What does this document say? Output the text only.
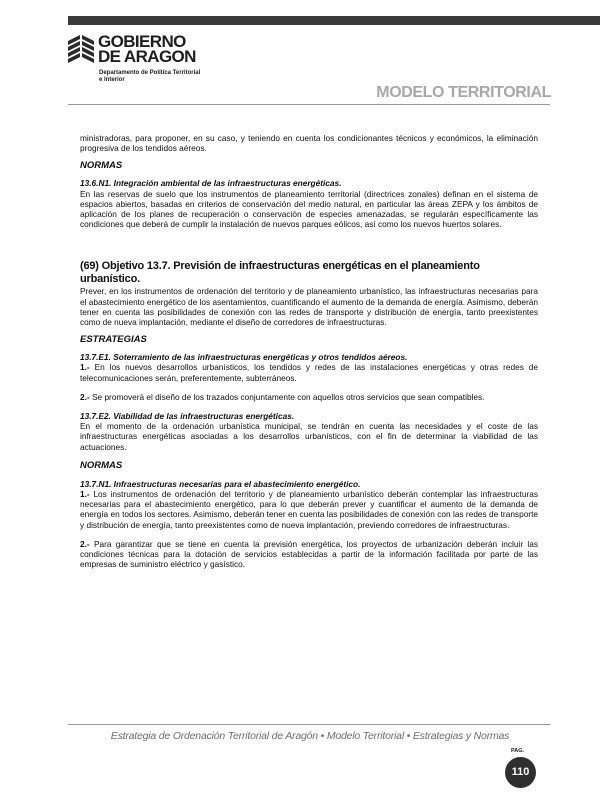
GOBIERNO
DE ARAGON
Departamento de Política Territorial
e Interior
MODELO TERRITORIAL

ministradoras, para proponer, en su caso, y teniendo en cuenta los condicionantes técnicos y económicos, la eliminación progresiva de los tendidos aéreos.

NORMAS

13.6.N1. Integración ambiental de las infraestructuras energéticas.

En las reservas de suelo que los instrumentos de planeamiento territorial (directrices zonales) definan en el sistema de espacios abiertos, basadas en criterios de conservación del medio natural, en particular las áreas ZEPA y los ámbitos de aplicación de los planes de recuperación o conservación de especies amenazadas, se regularán específicamente las condiciones que deberá de cumplir la instalación de nuevos parques eólicos, así como los nuevos huertos solares.

(69) Objetivo 13.7. Previsión de infraestructuras energéticas en el planeamiento urbanístico.

Prever, en los instrumentos de ordenación del territorio y de planeamiento urbanístico, las infraestructuras necesarias para el abastecimiento energético de los asentamientos, cuantificando el aumento de la demanda de energía. Asimismo, deberán tener en cuenta las posibilidades de conexión con las redes de transporte y distribución de energía, tanto preexistentes como de nueva implantación, mediante el diseño de corredores de infraestructuras.

ESTRATEGIAS

13.7.E1. Soterramiento de las infraestructuras energéticas y otros tendidos aéreos.

1.- En los nuevos desarrollos urbanísticos, los tendidos y redes de las instalaciones energéticas y otras redes de telecomunicaciones serán, preferentemente, subterráneos.

2.- Se promoverá el diseño de los trazados conjuntamente con aquellos otros servicios que sean compatibles.

13.7.E2. Viabilidad de las infraestructuras energéticas.

En el momento de la ordenación urbanística municipal, se tendrán en cuenta las necesidades y el coste de las infraestructuras energéticas asociadas a los desarrollos urbanísticos, con el fin de determinar la viabilidad de las actuaciones.

NORMAS

13.7.N1. Infraestructuras necesarias para el abastecimiento energético.

1.- Los instrumentos de ordenación del territorio y de planeamiento urbanístico deberán contemplar las infraestructuras necesarias para el abastecimiento energético, para lo que deberán prever y cuantificar el aumento de la demanda de energía en todos los sectores. Asimismo, deberán tener en cuenta las posibilidades de conexión con las redes de transporte y distribución de energía, tanto preexistentes como de nueva implantación, previendo corredores de infraestructuras.

2.- Para garantizar que se tiene en cuenta la previsión energética, los proyectos de urbanización deberán incluir las condiciones técnicas para la dotación de servicios establecidas a partir de la información facilitada por parte de las empresas de suministro eléctrico y gasístico.

Estrategia de Ordenación Territorial de Aragón • Modelo Territorial • Estrategias y Normas
PAG.
110
